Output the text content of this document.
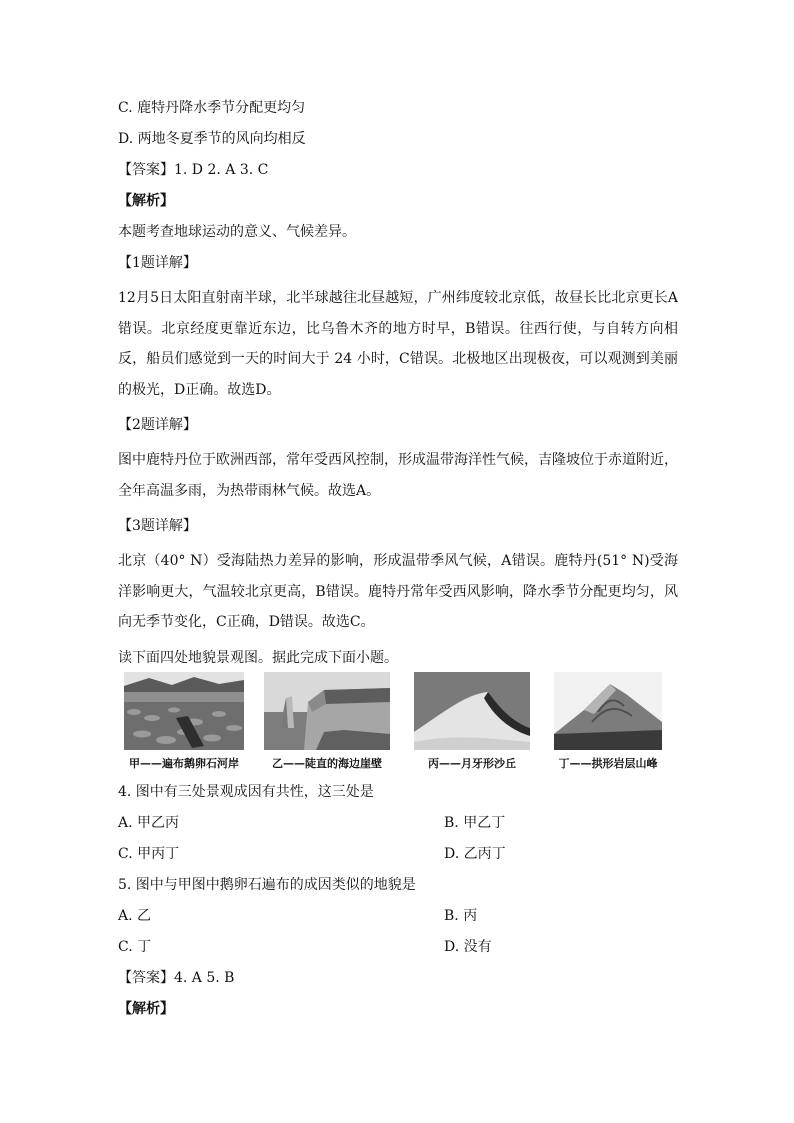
C. 鹿特丹降水季节分配更均匀

D. 两地冬夏季节的风向均相反

【答案】1. D 2. A 3. C

【解析】

本题考查地球运动的意义、气候差异。

【1题详解】

12月5日太阳直射南半球，北半球越往北昼越短，广州纬度较北京低，故昼长比北京更长A错误。北京经度更靠近东边，比乌鲁木齐的地方时早，B错误。往西行使，与自转方向相反，船员们感觉到一天的时间大于 24 小时，C错误。北极地区出现极夜，可以观测到美丽的极光，D正确。故选D。

【2题详解】

图中鹿特丹位于欧洲西部，常年受西风控制，形成温带海洋性气候，吉隆坡位于赤道附近，全年高温多雨，为热带雨林气候。故选A。

【3题详解】

北京（40° N）受海陆热力差异的影响，形成温带季风气候，A错误。鹿特丹(51° N)受海洋影响更大，气温较北京更高，B错误。鹿特丹常年受西风影响，降水季节分配更均匀，风向无季节变化，C正确，D错误。故选C。

读下面四处地貌景观图。据此完成下面小题。

甲——遍布鹅卵石河岸	乙——陡直的海边崖壁	丙——月牙形沙丘	丁——拱形岩层山峰

4. 图中有三处景观成因有共性，这三处是

A. 甲乙丙	B. 甲乙丁
C. 甲丙丁	D. 乙丙丁

5. 图中与甲图中鹅卵石遍布的成因类似的地貌是

A. 乙	B. 丙
C. 丁	D. 没有

【答案】4. A 5. B

【解析】
